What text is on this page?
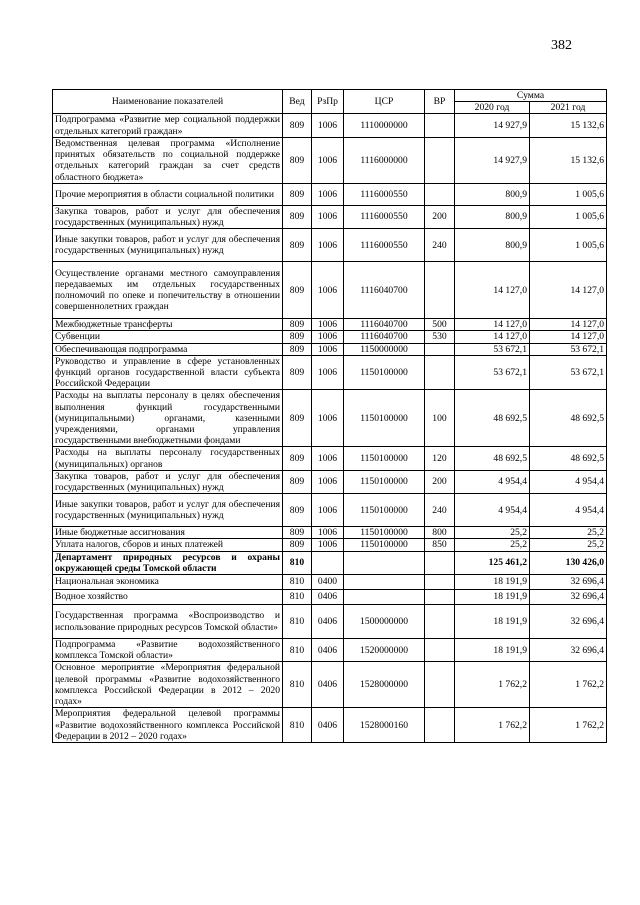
382
Наименование показателей	Вед	РзПр	ЦСР	ВР	Сумма	
					2020 год	2021 год
Подпрограмма «Развитие мер социальной поддержки отдельных категорий граждан»	809	1006	1110000000		14 927,9	15 132,6
Ведомственная целевая программа «Исполнение принятых обязательств по социальной поддержке отдельных категорий граждан за счет средств областного бюджета»	809	1006	1116000000		14 927,9	15 132,6
Прочие мероприятия в области социальной политики	809	1006	1116000550		800,9	1 005,6
Закупка товаров, работ и услуг для обеспечения государственных (муниципальных) нужд	809	1006	1116000550	200	800,9	1 005,6
Иные закупки товаров, работ и услуг для обеспечения государственных (муниципальных) нужд	809	1006	1116000550	240	800,9	1 005,6
Осуществление органами местного самоуправления передаваемых им отдельных государственных полномочий по опеке и попечительству в отношении совершеннолетних граждан	809	1006	1116040700		14 127,0	14 127,0
Межбюджетные трансферты	809	1006	1116040700	500	14 127,0	14 127,0
Субвенции	809	1006	1116040700	530	14 127,0	14 127,0
Обеспечивающая подпрограмма	809	1006	1150000000		53 672,1	53 672,1
Руководство и управление в сфере установленных функций органов государственной власти субъекта Российской Федерации	809	1006	1150100000		53 672,1	53 672,1
Расходы на выплаты персоналу в целях обеспечения выполнения функций государственными (муниципальными) органами, казенными учреждениями, органами управления государственными внебюджетными фондами	809	1006	1150100000	100	48 692,5	48 692,5
Расходы на выплаты персоналу государственных (муниципальных) органов	809	1006	1150100000	120	48 692,5	48 692,5
Закупка товаров, работ и услуг для обеспечения государственных (муниципальных) нужд	809	1006	1150100000	200	4 954,4	4 954,4
Иные закупки товаров, работ и услуг для обеспечения государственных (муниципальных) нужд	809	1006	1150100000	240	4 954,4	4 954,4
Иные бюджетные ассигнования	809	1006	1150100000	800	25,2	25,2
Уплата налогов, сборов и иных платежей	809	1006	1150100000	850	25,2	25,2
Департамент природных ресурсов и охраны окружающей среды Томской области	810				125 461,2	130 426,0
Национальная экономика	810	0400			18 191,9	32 696,4
Водное хозяйство	810	0406			18 191,9	32 696,4
Государственная программа «Воспроизводство и использование природных ресурсов Томской области»	810	0406	1500000000		18 191,9	32 696,4
Подпрограмма «Развитие водохозяйственного комплекса Томской области»	810	0406	1520000000		18 191,9	32 696,4
Основное мероприятие «Мероприятия федеральной целевой программы «Развитие водохозяйственного комплекса Российской Федерации в 2012 – 2020 годах»	810	0406	1528000000		1 762,2	1 762,2
Мероприятия федеральной целевой программы «Развитие водохозяйственного комплекса Российской Федерации в 2012 – 2020 годах»	810	0406	1528000160		1 762,2	1 762,2
